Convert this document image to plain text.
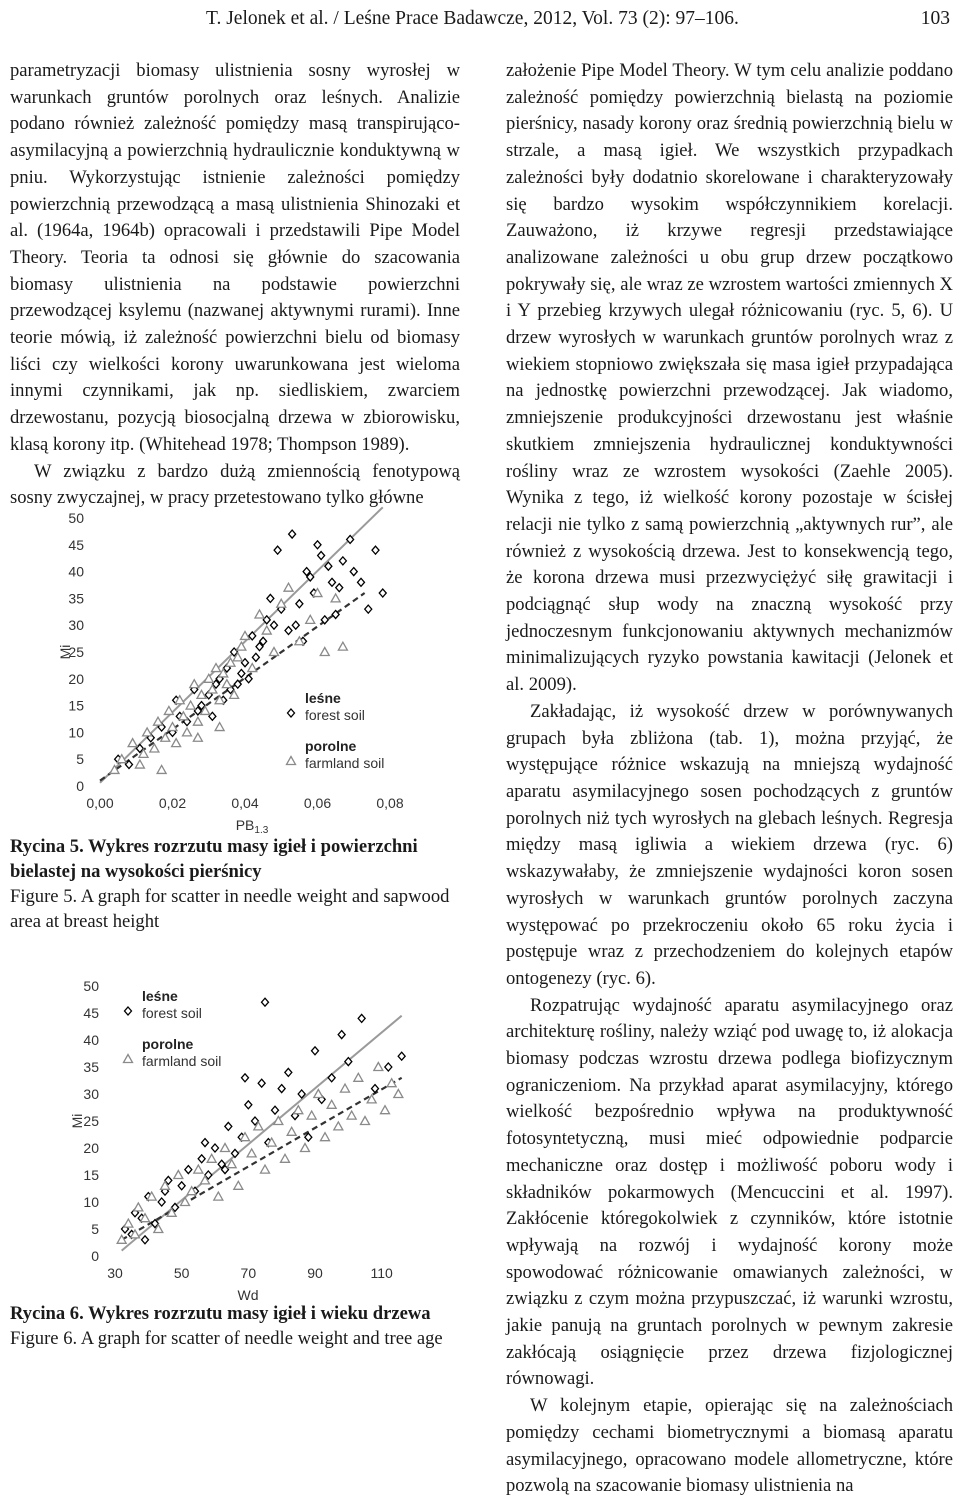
T. Jelonek et al. / Leśne Prace Badawcze, 2012, Vol. 73 (2): 97–106.	103

parametryzacji biomasy ulistnienia sosny wyrosłej w warunkach gruntów porolnych oraz leśnych. Analizie podano również zależność pomiędzy masą transpirująco-asymilacyjną a powierzchnią hydraulicznie konduktywną w pniu. Wykorzystując istnienie zależności pomiędzy powierzchnią przewodzącą a masą ulistnienia Shinozaki et al. (1964a, 1964b) opracowali i przedstawili Pipe Model Theory. Teoria ta odnosi się głównie do szacowania biomasy ulistnienia na podstawie powierzchni przewodzącej ksylemu (nazwanej aktywnymi rurami). Inne teorie mówią, iż zależność powierzchni bielu od biomasy liści czy wielkości korony uwarunkowana jest wieloma innymi czynnikami, jak np. siedliskiem, zwarciem drzewostanu, pozycją biosocjalną drzewa w zbiorowisku, klasą korony itp. (Whitehead 1978; Thompson 1989).

W związku z bardzo dużą zmiennością fenotypową sosny zwyczajnej, w pracy przetestowano tylko główne

0
5
10
15
20
25
30
35
40
45
50
0,00	0,02	0,04	0,06	0,08
Mi
$PB_{1.3}$
leśne
forest soil
porolne
farmland soil
Rycina 5. Wykres rozrzutu masy igieł i powierzchni bielastej na wysokości pierśnicy
Figure 5. A graph for scatter in needle weight and sapwood area at breast height
0
5
10
15
20
25
30
35
40
45
50
30	50	70	90	110
Mi
Wd
leśne
forest soil
porolne
farmland soil
Rycina 6. Wykres rozrzutu masy igieł i wieku drzewa
Figure 6. A graph for scatter of needle weight and tree age

założenie Pipe Model Theory. W tym celu analizie poddano zależność pomiędzy powierzchnią bielastą na poziomie pierśnicy, nasady korony oraz średnią powierzchnią bielu w strzale, a masą igieł. We wszystkich przypadkach zależności były dodatnio skorelowane i charakteryzowały się bardzo wysokim współczynnikiem korelacji. Zauważono, iż krzywe regresji przedstawiające analizowane zależności u obu grup drzew początkowo pokrywały się, ale wraz ze wzrostem wartości zmiennych X i Y przebieg krzywych ulegał różnicowaniu (ryc. 5, 6). U drzew wyrosłych w warunkach gruntów porolnych wraz z wiekiem stopniowo zwiększała się masa igieł przypadająca na jednostkę powierzchni przewodzącej. Jak wiadomo, zmniejszenie produkcyjności drzewostanu jest właśnie skutkiem zmniejszenia hydraulicznej konduktywności rośliny wraz ze wzrostem wysokości (Zaehle 2005). Wynika z tego, iż wielkość korony pozostaje w ścisłej relacji nie tylko z samą powierzchnią „aktywnych rur”, ale również z wysokością drzewa. Jest to konsekwencją tego, że korona drzewa musi przezwyciężyć siłę grawitacji i podciągnąć słup wody na znaczną wysokość przy jednoczesnym funkcjonowaniu aktywnych mechanizmów minimalizujących ryzyko powstania kawitacji (Jelonek et al. 2009).

Zakładając, iż wysokość drzew w porównywanych grupach była zbliżona (tab. 1), można przyjąć, że występujące różnice wskazują na mniejszą wydajność aparatu asymilacyjnego sosen pochodzących z gruntów porolnych niż tych wyrosłych na glebach leśnych. Regresja między masą igliwia a wiekiem drzewa (ryc. 6) wskazywałaby, że zmniejszenie wydajności koron sosen wyrosłych w warunkach gruntów porolnych zaczyna występować po przekroczeniu około 65 roku życia i postępuje wraz z przechodzeniem do kolejnych etapów ontogenezy (ryc. 6).

Rozpatrując wydajność aparatu asymilacyjnego oraz architekturę rośliny, należy wziąć pod uwagę to, iż alokacja biomasy podczas wzrostu drzewa podlega biofizycznym ograniczeniom. Na przykład aparat asymilacyjny, którego wielkość bezpośrednio wpływa na produktywność fotosyntetyczną, musi mieć odpowiednie podparcie mechaniczne oraz dostęp i możliwość poboru wody i składników pokarmowych (Mencuccini et al. 1997). Zakłócenie któregokolwiek z czynników, które istotnie wpływają na rozwój i wydajność korony może spowodować różnicowanie omawianych zależności, w związku z czym można przypuszczać, iż warunki wzrostu, jakie panują na gruntach porolnych w pewnym zakresie zakłócają osiągnięcie przez drzewa fizjologicznej równowagi.

W kolejnym etapie, opierając się na zależnościach pomiędzy cechami biometrycznymi a biomasą aparatu asymilacyjnego, opracowano modele allometryczne, które pozwolą na szacowanie biomasy ulistnienia na
